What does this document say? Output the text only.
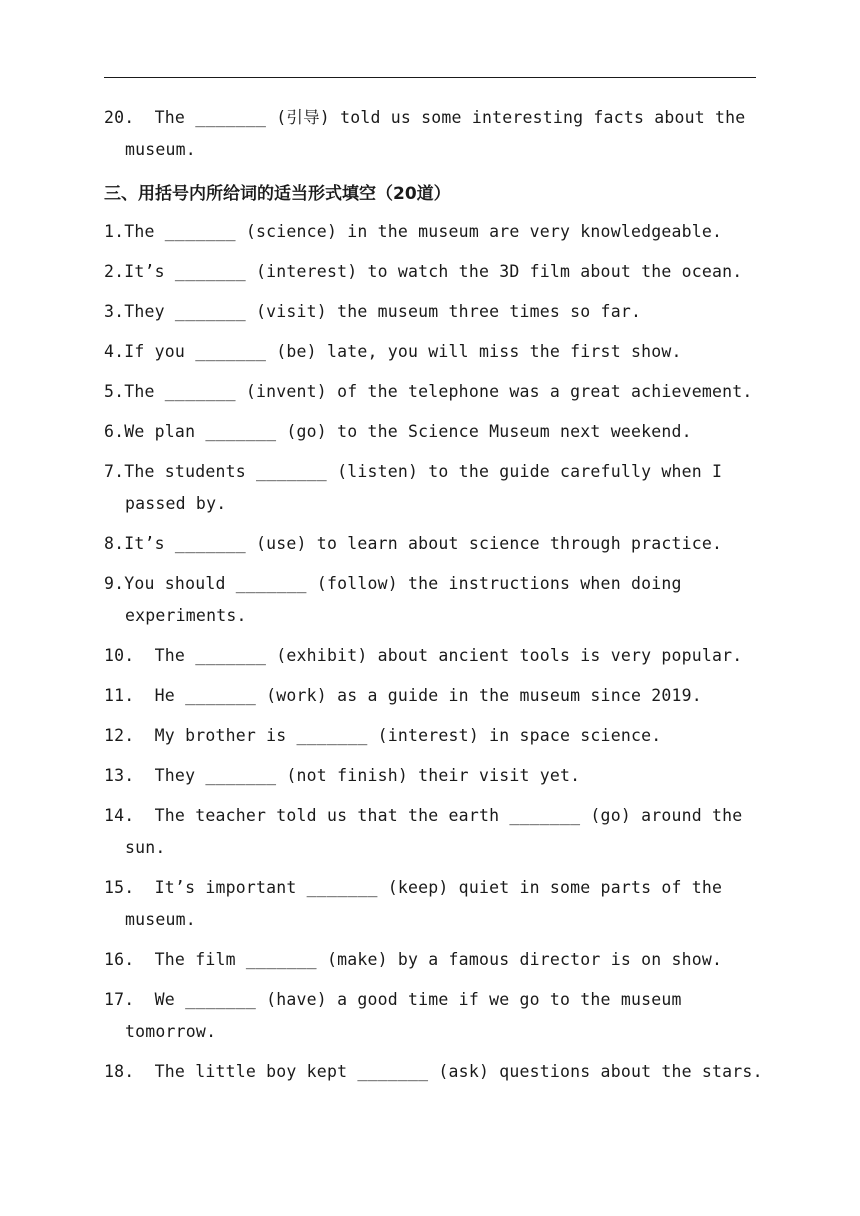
20.  The _______ (引导) told us some interesting facts about the museum.

三、用括号内所给词的适当形式填空（20道）

1.The _______ (science) in the museum are very knowledgeable.

2.It’s _______ (interest) to watch the 3D film about the ocean.

3.They _______ (visit) the museum three times so far.

4.If you _______ (be) late, you will miss the first show.

5.The _______ (invent) of the telephone was a great achievement.

6.We plan _______ (go) to the Science Museum next weekend.

7.The students _______ (listen) to the guide carefully when I passed by.

8.It’s _______ (use) to learn about science through practice.

9.You should _______ (follow) the instructions when doing experiments.

10.  The _______ (exhibit) about ancient tools is very popular.

11.  He _______ (work) as a guide in the museum since 2019.

12.  My brother is _______ (interest) in space science.

13.  They _______ (not finish) their visit yet.

14.  The teacher told us that the earth _______ (go) around the sun.

15.  It’s important _______ (keep) quiet in some parts of the museum.

16.  The film _______ (make) by a famous director is on show.

17.  We _______ (have) a good time if we go to the museum tomorrow.

18.  The little boy kept _______ (ask) questions about the stars.
